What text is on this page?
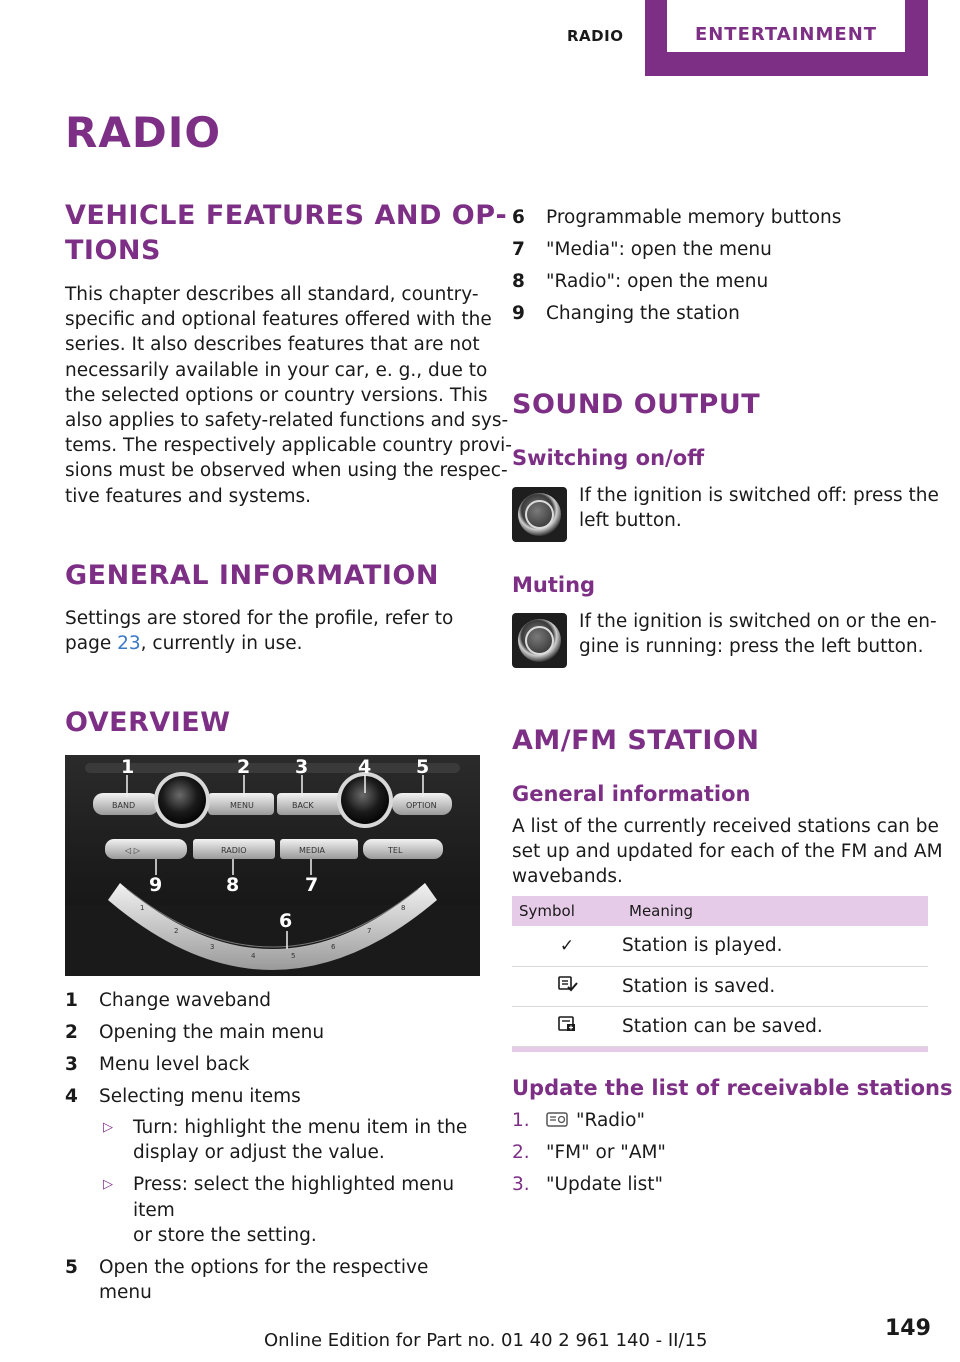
RADIO	ENTERTAINMENT
RADIO
VEHICLE FEATURES AND OP‐
TIONS
This chapter describes all standard, country-
specific and optional features offered with the
series. It also describes features that are not
necessarily available in your car, e. g., due to
the selected options or country versions. This
also applies to safety-related functions and sys‐
tems. The respectively applicable country provi‐
sions must be observed when using the respec‐
tive features and systems.
GENERAL INFORMATION
Settings are stored for the profile, refer to
page 23, currently in use.
OVERVIEW
BAND	MENU	BACK	OPTION
◁ ▷	RADIO	MEDIA	TEL
1
2
3
4	5
6
7
8
1	2 3	4 5
6
7
8
9
1 Change waveband
2 Opening the main menu
3 Menu level back
4 Selecting menu items
▷ Turn: highlight the menu item in the
display or adjust the value.
▷ Press: select the highlighted menu item
or store the setting.
5 Open the options for the respective menu
6 Programmable memory buttons
7 "Media": open the menu
8 "Radio": open the menu
9 Changing the station
SOUND OUTPUT
Switching on/off
If the ignition is switched off: press the
left button.
Muting
If the ignition is switched on or the en‐
gine is running: press the left button.
AM/FM STATION
General information
A list of the currently received stations can be
set up and updated for each of the FM and AM
wavebands.
Symbol	Meaning
✓	Station is played.
	Station is saved.
	Station can be saved.
Update the list of receivable stations
1.	"Radio"
2. "FM" or "AM"
3. "Update list"
149
Online Edition for Part no. 01 40 2 961 140 - II/15
